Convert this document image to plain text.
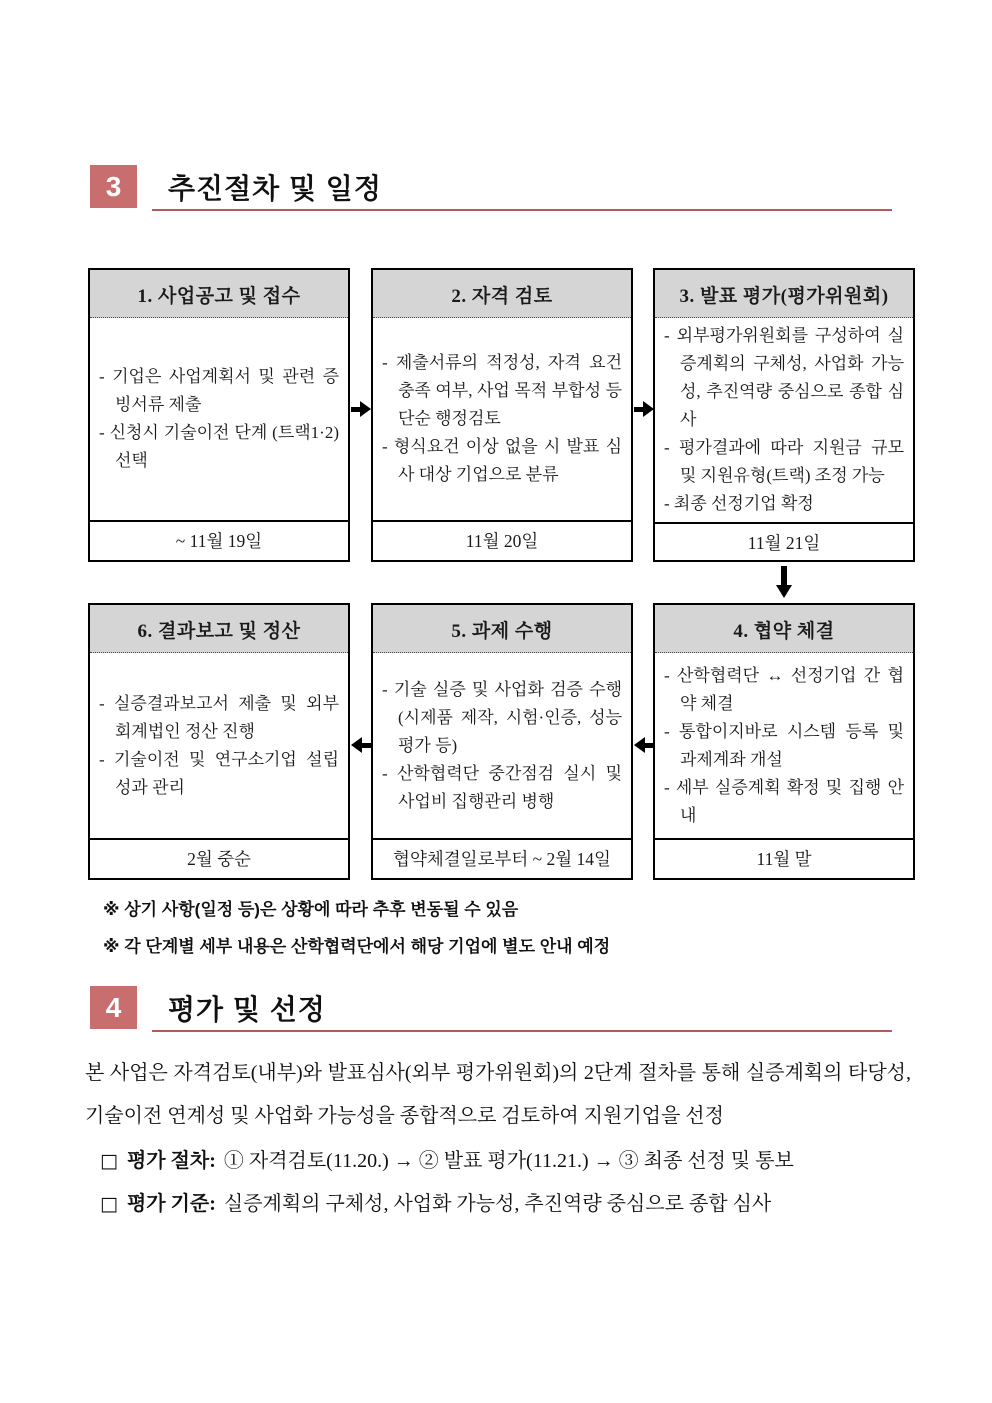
3	추진절차 및 일정
1. 사업공고 및 접수
- 기업은 사업계획서 및 관련 증빙서류 제출
- 신청시 기술이전 단계 (트랙1·2) 선택
~ 11월 19일
2. 자격 검토
- 제출서류의 적정성, 자격 요건 충족 여부, 사업 목적 부합성 등 단순 행정검토
- 형식요건 이상 없을 시 발표 심사 대상 기업으로 분류
11월 20일
3. 발표 평가(평가위원회)
- 외부평가위원회를 구성하여 실증계획의 구체성, 사업화 가능성, 추진역량 중심으로 종합 심사
- 평가결과에 따라 지원금 규모 및 지원유형(트랙) 조정 가능
- 최종 선정기업 확정
11월 21일
4. 협약 체결
- 산학협력단 ↔ 선정기업 간 협약 체결
- 통합이지바로 시스템 등록 및 과제계좌 개설
- 세부 실증계획 확정 및 집행 안내
11월 말
5. 과제 수행
- 기술 실증 및 사업화 검증 수행 (시제품 제작, 시험·인증, 성능평가 등)
- 산학협력단 중간점검 실시 및 사업비 집행관리 병행
협약체결일로부터 ~ 2월 14일
6. 결과보고 및 정산
- 실증결과보고서 제출 및 외부 회계법인 정산 진행
- 기술이전 및 연구소기업 설립 성과 관리
2월 중순
※ 상기 사항(일정 등)은 상황에 따라 추후 변동될 수 있음
※ 각 단계별 세부 내용은 산학협력단에서 해당 기업에 별도 안내 예정
4	평가 및 선정

본 사업은 자격검토(내부)와 발표심사(외부 평가위원회)의 2단계 절차를 통해 실증계획의 타당성, 기술이전 연계성 및 사업화 가능성을 종합적으로 검토하여 지원기업을 선정

□ 평가 절차: ① 자격검토(11.20.) → ② 발표 평가(11.21.) → ③ 최종 선정 및 통보
□ 평가 기준: 실증계획의 구체성, 사업화 가능성, 추진역량 중심으로 종합 심사
